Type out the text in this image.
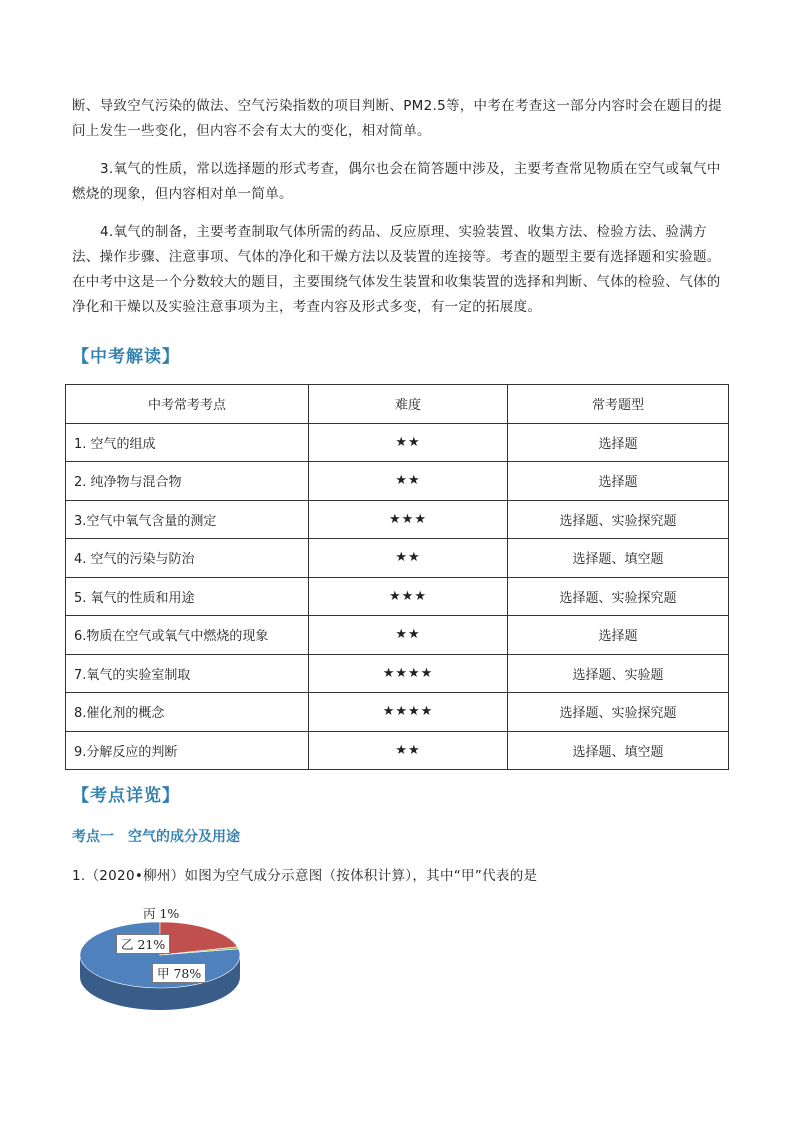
断、导致空气污染的做法、空气污染指数的项目判断、PM2.5等，中考在考查这一部分内容时会在题目的提问上发生一些变化，但内容不会有太大的变化，相对简单。

3.氧气的性质，常以选择题的形式考查，偶尔也会在简答题中涉及，主要考查常见物质在空气或氧气中燃烧的现象，但内容相对单一简单。

4.氧气的制备，主要考查制取气体所需的药品、反应原理、实验装置、收集方法、检验方法、验满方法、操作步骤、注意事项、气体的净化和干燥方法以及装置的连接等。考查的题型主要有选择题和实验题。在中考中这是一个分数较大的题目，主要围绕气体发生装置和收集装置的选择和判断、气体的检验、气体的净化和干燥以及实验注意事项为主，考查内容及形式多变，有一定的拓展度。

【中考解读】
中考常考考点	难度	常考题型
1. 空气的组成	★★	选择题
2. 纯净物与混合物	★★	选择题
3.空气中氧气含量的测定	★★★	选择题、实验探究题
4. 空气的污染与防治	★★	选择题、填空题
5. 氧气的性质和用途	★★★	选择题、实验探究题
6.物质在空气或氧气中燃烧的现象	★★	选择题
7.氧气的实验室制取	★★★★	选择题、实验题
8.催化剂的概念	★★★★	选择题、实验探究题
9.分解反应的判断	★★	选择题、填空题
【考点详览】
考点一　空气的成分及用途
1.（2020•柳州）如图为空气成分示意图（按体积计算），其中“甲”代表的是
丙 1%
乙 21%
甲 78%
